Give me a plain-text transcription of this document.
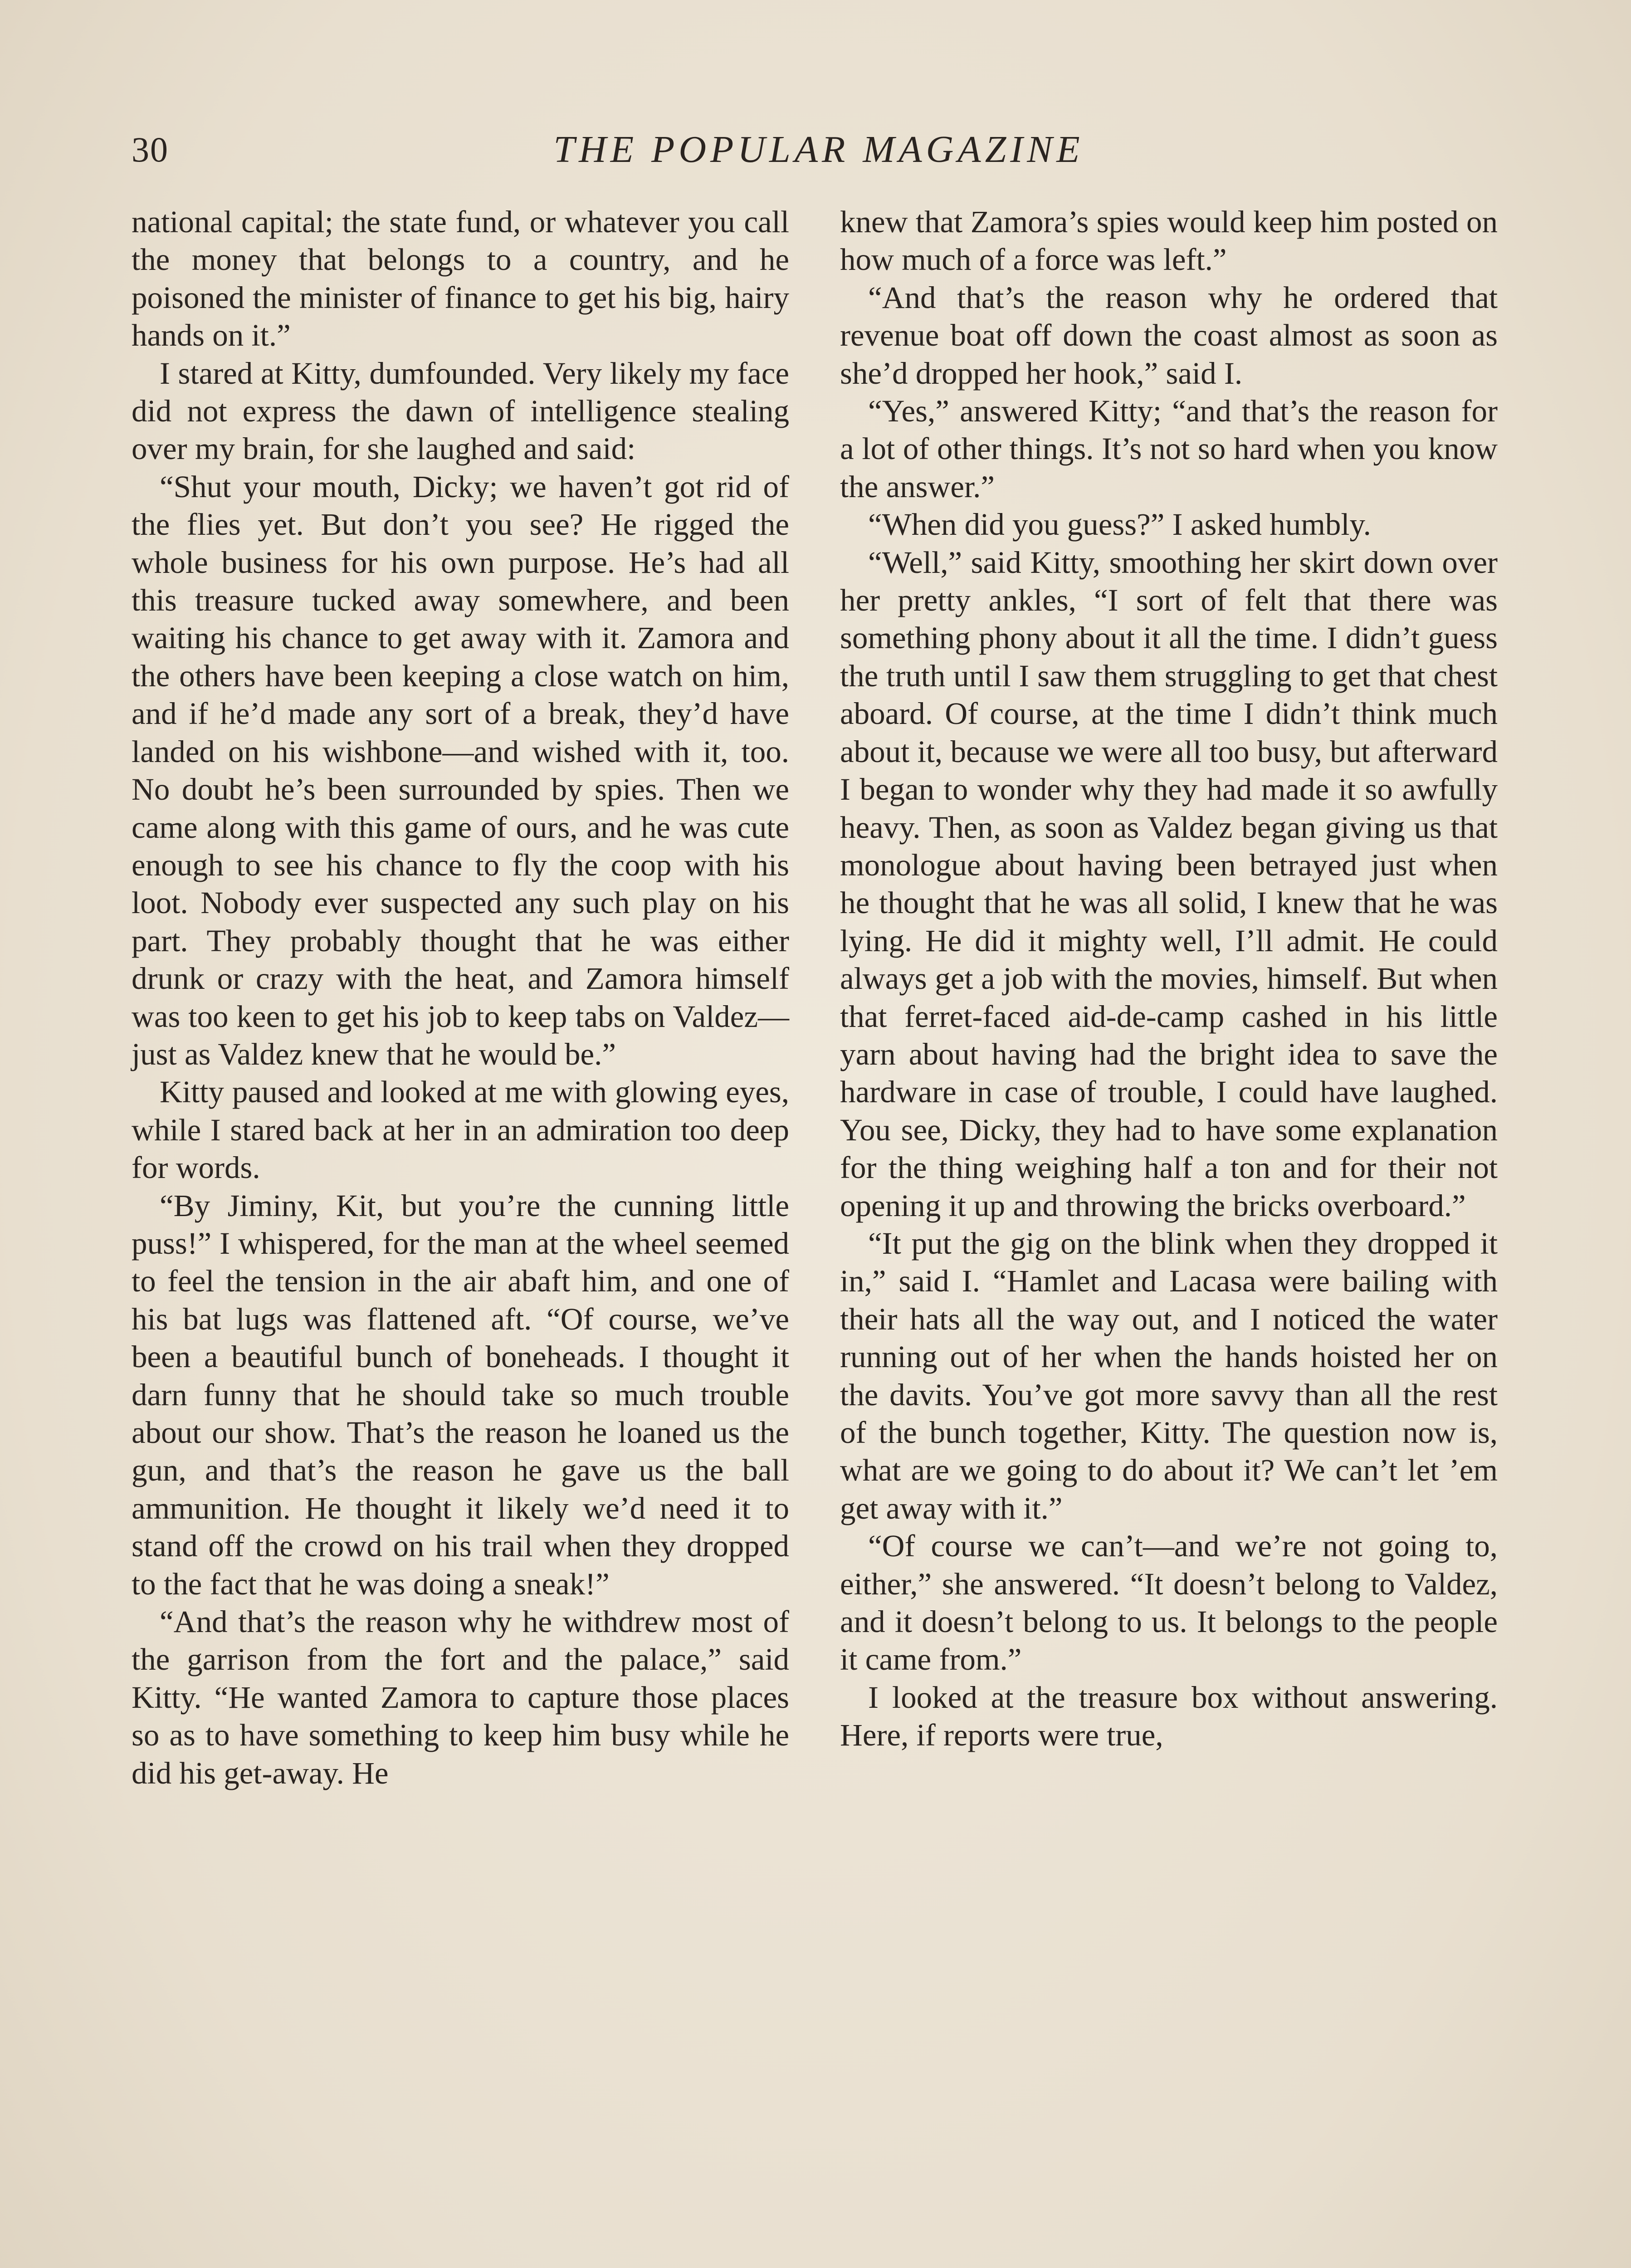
30	THE POPULAR MAGAZINE

national capital; the state fund, or whatever you call the money that belongs to a country, and he poisoned the minister of finance to get his big, hairy hands on it.”

I stared at Kitty, dumfounded. Very likely my face did not express the dawn of intelligence stealing over my brain, for she laughed and said:

“Shut your mouth, Dicky; we haven’t got rid of the flies yet. But don’t you see? He rigged the whole business for his own purpose. He’s had all this treasure tucked away somewhere, and been waiting his chance to get away with it. Zamora and the others have been keeping a close watch on him, and if he’d made any sort of a break, they’d have landed on his wishbone—and wished with it, too. No doubt he’s been surrounded by spies. Then we came along with this game of ours, and he was cute enough to see his chance to fly the coop with his loot. Nobody ever suspected any such play on his part. They probably thought that he was either drunk or crazy with the heat, and Zamora himself was too keen to get his job to keep tabs on Valdez—just as Valdez knew that he would be.”

Kitty paused and looked at me with glowing eyes, while I stared back at her in an admiration too deep for words.

“By Jiminy, Kit, but you’re the cunning little puss!” I whispered, for the man at the wheel seemed to feel the tension in the air abaft him, and one of his bat lugs was flattened aft. “Of course, we’ve been a beautiful bunch of boneheads. I thought it darn funny that he should take so much trouble about our show. That’s the reason he loaned us the gun, and that’s the reason he gave us the ball ammunition. He thought it likely we’d need it to stand off the crowd on his trail when they dropped to the fact that he was doing a sneak!”

“And that’s the reason why he withdrew most of the garrison from the fort and the palace,” said Kitty. “He wanted Zamora to capture those places so as to have something to keep him busy while he did his get-away. He

knew that Zamora’s spies would keep him posted on how much of a force was left.”

“And that’s the reason why he ordered that revenue boat off down the coast almost as soon as she’d dropped her hook,” said I.

“Yes,” answered Kitty; “and that’s the reason for a lot of other things. It’s not so hard when you know the answer.”

“When did you guess?” I asked humbly.

“Well,” said Kitty, smoothing her skirt down over her pretty ankles, “I sort of felt that there was something phony about it all the time. I didn’t guess the truth until I saw them struggling to get that chest aboard. Of course, at the time I didn’t think much about it, because we were all too busy, but afterward I began to wonder why they had made it so awfully heavy. Then, as soon as Valdez began giving us that monologue about having been betrayed just when he thought that he was all solid, I knew that he was lying. He did it mighty well, I’ll admit. He could always get a job with the movies, himself. But when that ferret-faced aid-de-camp cashed in his little yarn about having had the bright idea to save the hardware in case of trouble, I could have laughed. You see, Dicky, they had to have some explanation for the thing weighing half a ton and for their not opening it up and throwing the bricks overboard.”

“It put the gig on the blink when they dropped it in,” said I. “Hamlet and Lacasa were bailing with their hats all the way out, and I noticed the water running out of her when the hands hoisted her on the davits. You’ve got more savvy than all the rest of the bunch together, Kitty. The question now is, what are we going to do about it? We can’t let ’em get away with it.”

“Of course we can’t—and we’re not going to, either,” she answered. “It doesn’t belong to Valdez, and it doesn’t belong to us. It belongs to the people it came from.”

I looked at the treasure box without answering. Here, if reports were true,
